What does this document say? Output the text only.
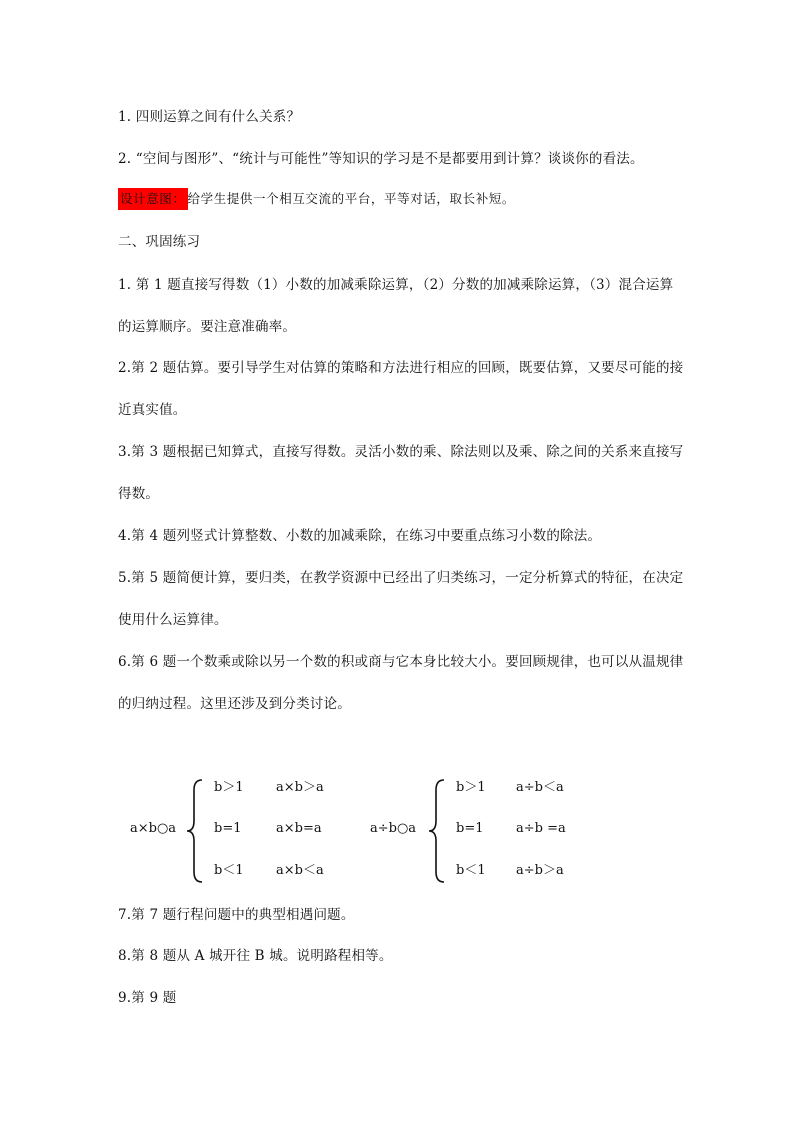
1. 四则运算之间有什么关系？
2. “空间与图形”、“统计与可能性”等知识的学习是不是都要用到计算？谈谈你的看法。
设计意图： 给学生提供一个相互交流的平台，平等对话，取长补短。
二、巩固练习
1. 第 1 题直接写得数（1）小数的加减乘除运算，（2）分数的加减乘除运算，（3）混合运算
的运算顺序。要注意准确率。
2.第 2 题估算。要引导学生对估算的策略和方法进行相应的回顾，既要估算，又要尽可能的接
近真实值。
3.第 3 题根据已知算式，直接写得数。灵活小数的乘、除法则以及乘、除之间的关系来直接写
得数。
4.第 4 题列竖式计算整数、小数的加减乘除，在练习中要重点练习小数的除法。
5.第 5 题简便计算，要归类，在教学资源中已经出了归类练习，一定分析算式的特征，在决定
使用什么运算律。
6.第 6 题一个数乘或除以另一个数的积或商与它本身比较大小。要回顾规律，也可以从温规律
的归纳过程。这里还涉及到分类讨论。
a×b○a
b＞1 a×b＞a
b=1	a×b=a
b＜1 a×b＜a
a÷b○a
b＞1 a÷b＜a
b=1	a÷b =a
b＜1 a÷b＞a
7.第 7 题行程问题中的典型相遇问题。
8.第 8 题从 A 城开往 B 城。说明路程相等。
9.第 9 题
